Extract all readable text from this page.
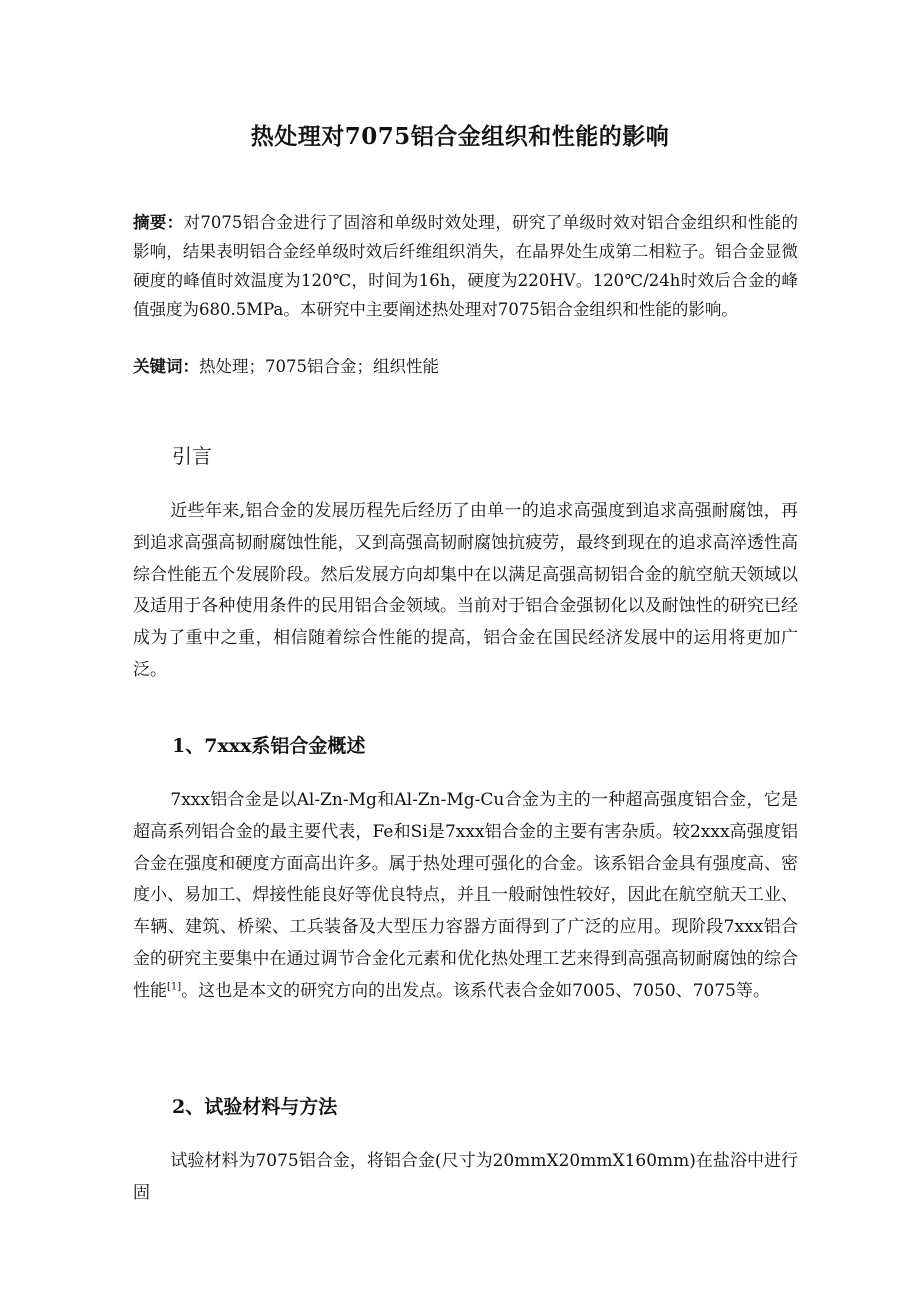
热处理对7075铝合金组织和性能的影响

摘要：对7075铝合金进行了固溶和单级时效处理，研究了单级时效对铝合金组织和性能的影响，结果表明铝合金经单级时效后纤维组织消失，在晶界处生成第二相粒子。铝合金显微硬度的峰值时效温度为120℃，时间为16h，硬度为220HV。120℃/24h时效后合金的峰值强度为680.5MPa。本研究中主要阐述热处理对7075铝合金组织和性能的影响。

关键词：热处理；7075铝合金；组织性能

引言

近些年来,铝合金的发展历程先后经历了由单一的追求高强度到追求高强耐腐蚀，再到追求高强高韧耐腐蚀性能，又到高强高韧耐腐蚀抗疲劳，最终到现在的追求高淬透性高综合性能五个发展阶段。然后发展方向却集中在以满足高强高韧铝合金的航空航天领域以及适用于各种使用条件的民用铝合金领域。当前对于铝合金强韧化以及耐蚀性的研究已经成为了重中之重，相信随着综合性能的提高，铝合金在国民经济发展中的运用将更加广泛。

1、7xxx系铝合金概述

7xxx铝合金是以Al-Zn-Mg和Al-Zn-Mg-Cu合金为主的一种超高强度铝合金，它是超高系列铝合金的最主要代表，Fe和Si是7xxx铝合金的主要有害杂质。较2xxx高强度铝合金在强度和硬度方面高出许多。属于热处理可强化的合金。该系铝合金具有强度高、密度小、易加工、焊接性能良好等优良特点，并且一般耐蚀性较好，因此在航空航天工业、车辆、建筑、桥梁、工兵装备及大型压力容器方面得到了广泛的应用。现阶段7xxx铝合金的研究主要集中在通过调节合金化元素和优化热处理工艺来得到高强高韧耐腐蚀的综合性能[1]。这也是本文的研究方向的出发点。该系代表合金如7005、7050、7075等。

2、试验材料与方法

试验材料为7075铝合金，将铝合金(尺寸为20mmX20mmX160mm)在盐浴中进行固
